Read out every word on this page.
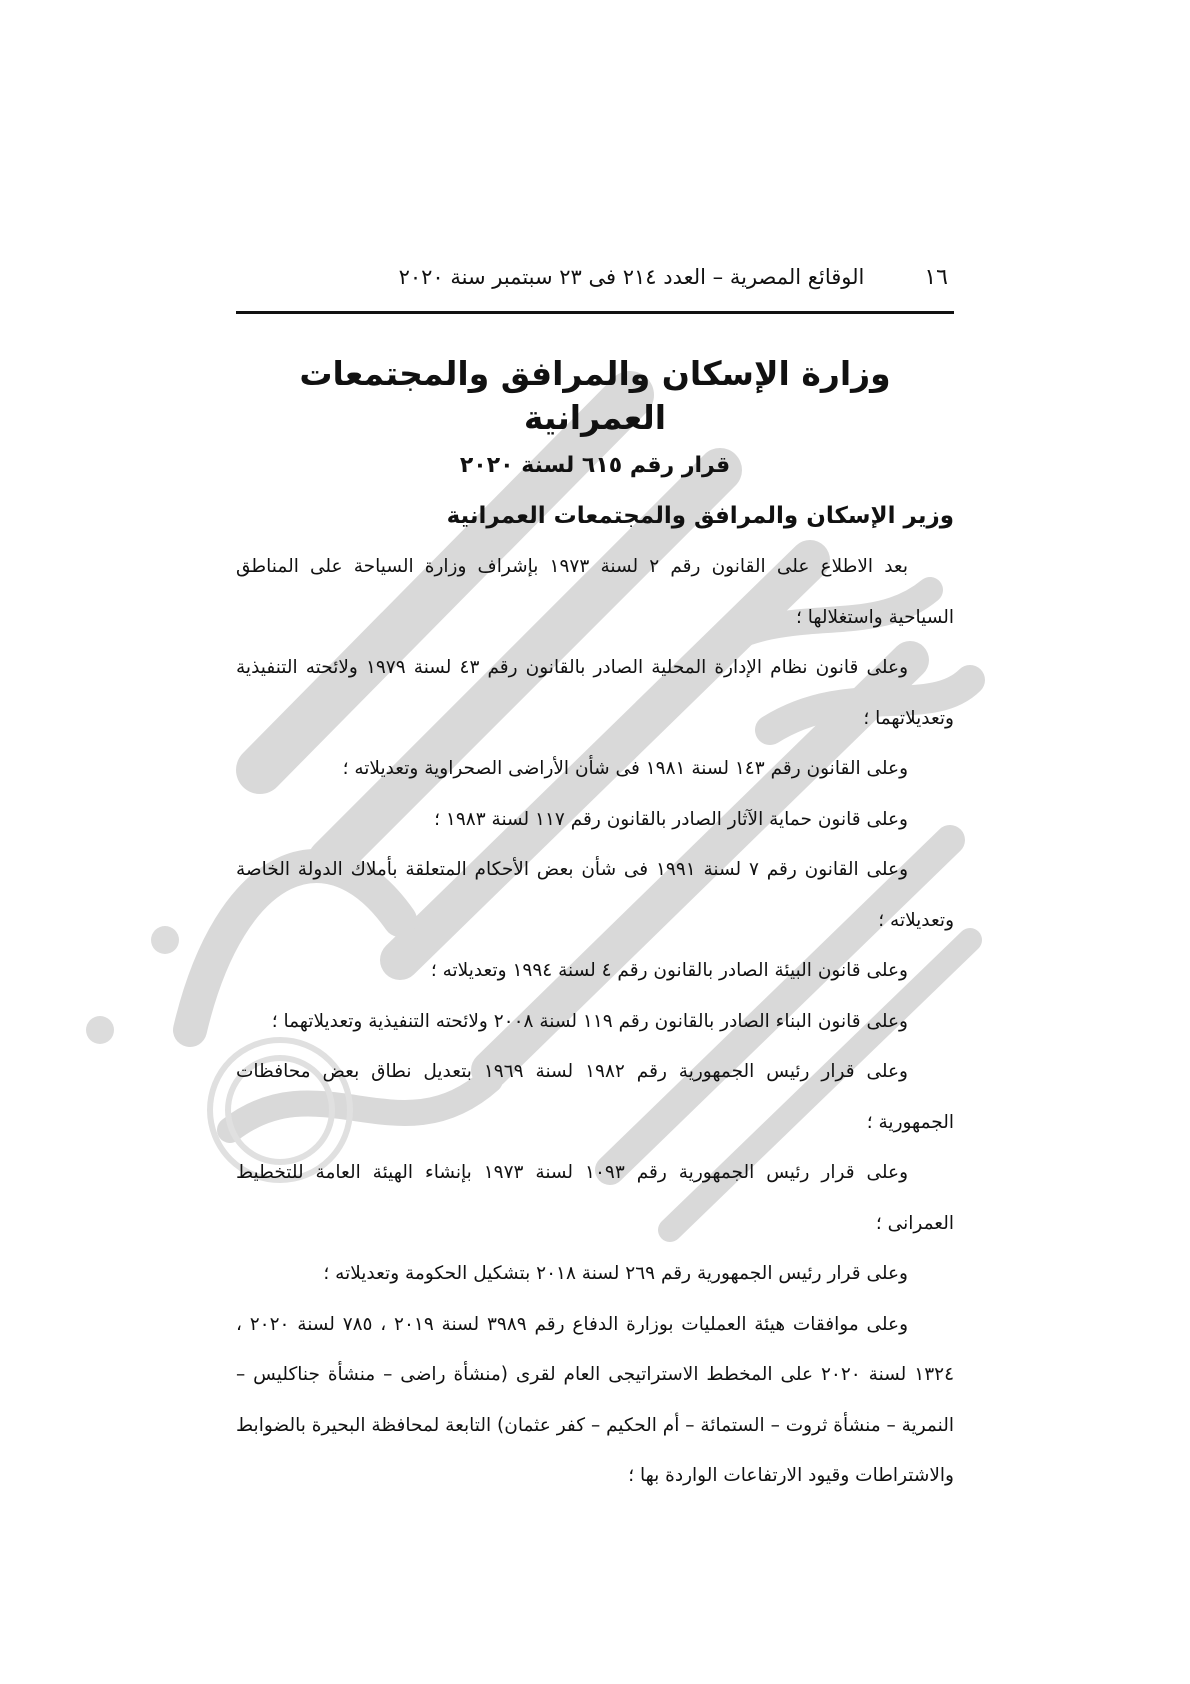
١٦
الوقائع المصرية – العدد ٢١٤ فى ٢٣ سبتمبر سنة ٢٠٢٠
وزارة الإسكان والمرافق والمجتمعات العمرانية
قرار رقم ٦١٥ لسنة ٢٠٢٠
وزير الإسكان والمرافق والمجتمعات العمرانية

بعد الاطلاع على القانون رقم ٢ لسنة ١٩٧٣ بإشراف وزارة السياحة على المناطق السياحية واستغلالها ؛

وعلى قانون نظام الإدارة المحلية الصادر بالقانون رقم ٤٣ لسنة ١٩٧٩ ولائحته التنفيذية وتعديلاتهما ؛

وعلى القانون رقم ١٤٣ لسنة ١٩٨١ فى شأن الأراضى الصحراوية وتعديلاته ؛

وعلى قانون حماية الآثار الصادر بالقانون رقم ١١٧ لسنة ١٩٨٣ ؛

وعلى القانون رقم ٧ لسنة ١٩٩١ فى شأن بعض الأحكام المتعلقة بأملاك الدولة الخاصة وتعديلاته ؛

وعلى قانون البيئة الصادر بالقانون رقم ٤ لسنة ١٩٩٤ وتعديلاته ؛

وعلى قانون البناء الصادر بالقانون رقم ١١٩ لسنة ٢٠٠٨ ولائحته التنفيذية وتعديلاتهما ؛

وعلى قرار رئيس الجمهورية رقم ١٩٨٢ لسنة ١٩٦٩ بتعديل نطاق بعض محافظات الجمهورية ؛

وعلى قرار رئيس الجمهورية رقم ١٠٩٣ لسنة ١٩٧٣ بإنشاء الهيئة العامة للتخطيط العمرانى ؛

وعلى قرار رئيس الجمهورية رقم ٢٦٩ لسنة ٢٠١٨ بتشكيل الحكومة وتعديلاته ؛

وعلى موافقات هيئة العمليات بوزارة الدفاع رقم ٣٩٨٩ لسنة ٢٠١٩ ، ٧٨٥ لسنة ٢٠٢٠ ، ١٣٢٤ لسنة ٢٠٢٠ على المخطط الاستراتيجى العام لقرى (منشأة راضى – منشأة جناكليس – النمرية – منشأة ثروت – الستمائة – أم الحكيم – كفر عثمان) التابعة لمحافظة البحيرة بالضوابط والاشتراطات وقيود الارتفاعات الواردة بها ؛
